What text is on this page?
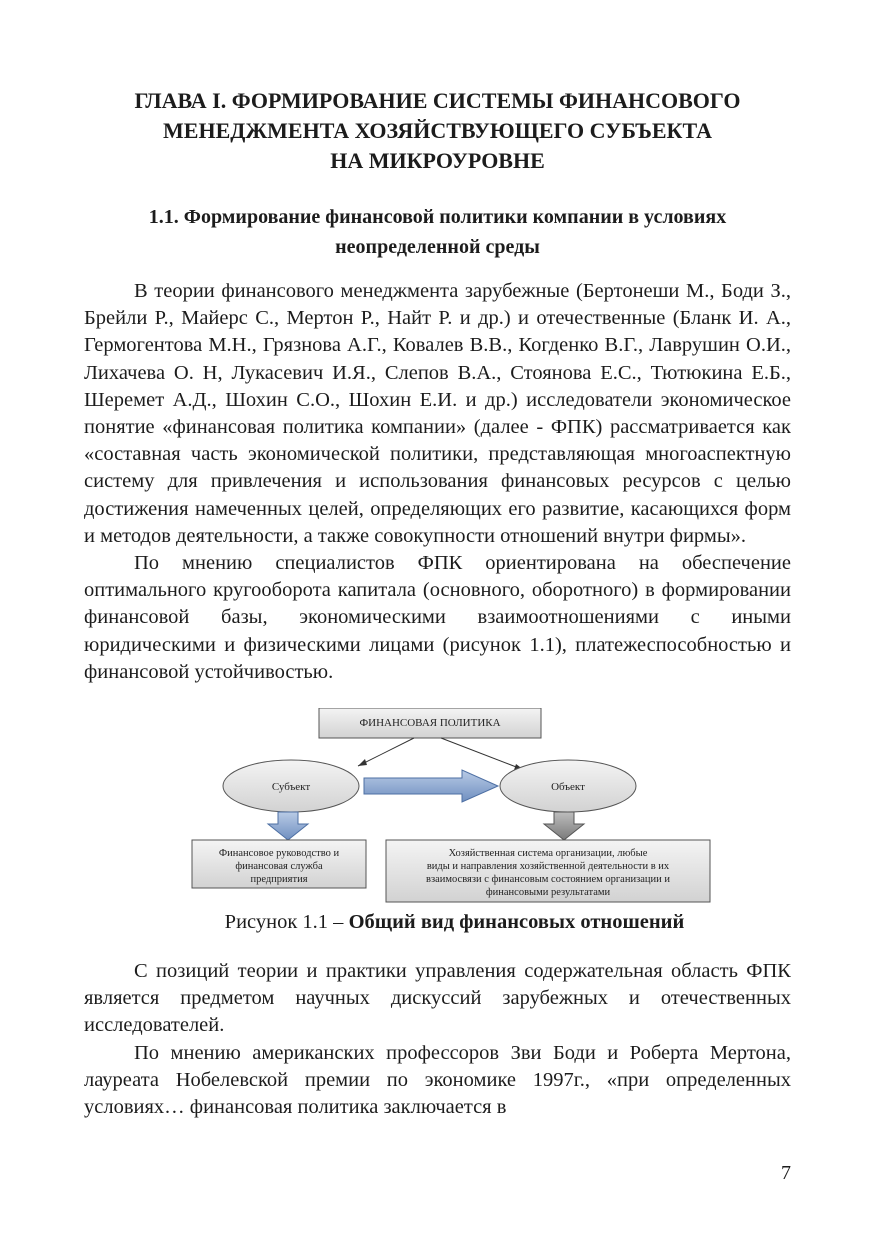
ГЛАВА I. ФОРМИРОВАНИЕ СИСТЕМЫ ФИНАНСОВОГО
МЕНЕДЖМЕНТА ХОЗЯЙСТВУЮЩЕГО СУБЪЕКТА
НА МИКРОУРОВНЕ
1.1. Формирование финансовой политики компании в условиях
неопределенной среды

В теории финансового менеджмента зарубежные (Бертонеши М., Боди З., Брейли Р., Майерс С., Мертон Р., Найт Р. и др.) и отечественные (Бланк И. А., Гермогентова М.Н., Грязнова А.Г., Ковалев В.В., Когденко В.Г., Лаврушин О.И., Лихачева О. Н, Лукасевич И.Я., Слепов В.А., Стоянова Е.С., Тютюкина Е.Б., Шеремет А.Д., Шохин С.О., Шохин Е.И. и др.) исследователи экономическое понятие «финансовая политика компании» (далее - ФПК) рассматривается как «составная часть экономической политики, представляющая многоаспектную систему для привлечения и использования финансовых ресурсов с целью достижения намеченных целей, определяющих его развитие, касающихся форм и методов деятельности, а также совокупности отношений внутри фирмы».

По мнению специалистов ФПК ориентирована на обеспечение оптимального кругооборота капитала (основного, оборотного) в формировании финансовой базы, экономическими взаимоотношениями с иными юридическими и физическими лицами (рисунок 1.1), платежеспособностью и финансовой устойчивостью.

ФИНАНСОВАЯ ПОЛИТИКА
Субъект	Объект
Финансовое руководство и
финансовая служба
предприятия
Хозяйственная система организации, любые
виды и направления хозяйственной деятельности в их
взаимосвязи с финансовым состоянием организации и
финансовыми результатами

Рисунок 1.1 – Общий вид финансовых отношений

С позиций теории и практики управления содержательная область ФПК является предметом научных дискуссий зарубежных и отечественных исследователей.

По мнению американских профессоров Зви Боди и Роберта Мертона, лауреата Нобелевской премии по экономике 1997г., «при определенных условиях… финансовая политика заключается в

7
